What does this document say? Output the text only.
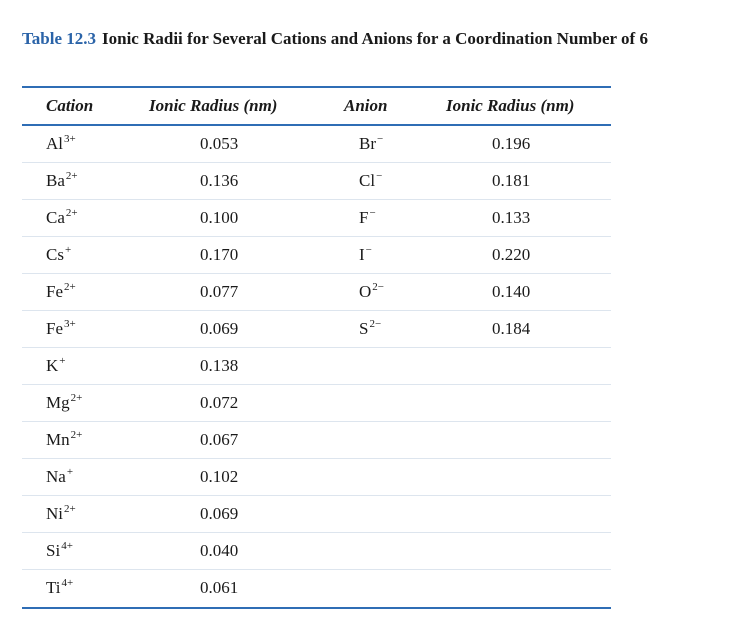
Table 12.3 Ionic Radii for Several Cations and Anions for a Coordination Number of 6
Cation	Ionic Radius (nm)	Anion	Ionic Radius (nm)
$Al^{3+}$	0.053	Br−	0.196
$Ba^{2+}$	0.136	Cl−	0.181
$Ca^{2+}$	0.100	F−	0.133
Cs+	0.170	I−	0.220
$Fe^{2+}$	0.077	$O^{2-}$	0.140
$Fe^{3+}$	0.069	$S^{2-}$	0.184
K+	0.138
$Mg^{2+}$	0.072
$Mn^{2+}$	0.067
Na+	0.102
$Ni^{2+}$	0.069
$Si^{4+}$	0.040
$Ti^{4+}$	0.061
